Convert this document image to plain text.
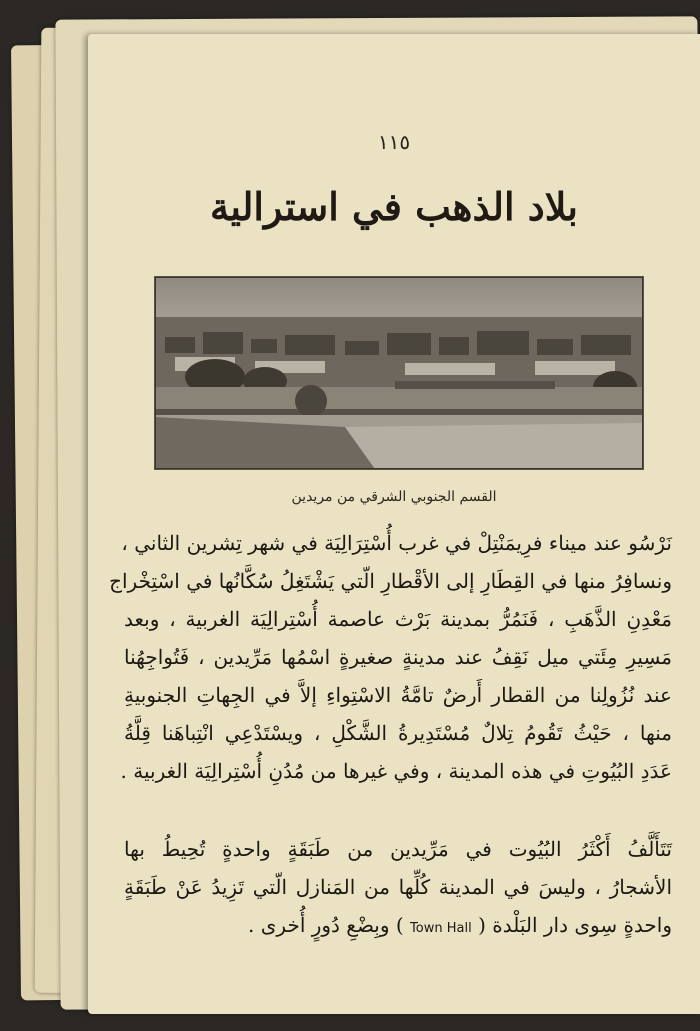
١١٥
بلاد الذهب في استرالية
القسم الجنوبي الشرقي من مريدين
نَرْسُو عند ميناء فرِيمَنْتِلْ في غرب أُسْتِرَالِيَة في شهر تِشرين الثاني ،
ونسافِرُ منها في القِطَارِ إلى الأقْطارِ الّتي يَشْتَغِلُ سُكَّانُها في اسْتِخْراج
مَعْدِنِ الذَّهَبِ ، فَنَمُرُّ بمدينة بَرْث عاصمة أُسْتِرالِيَة الغربية ، وبعد
مَسِيرِ مِئَتي ميل نَقِفُ عند مدينةٍ صغيرةٍ اسْمُها مَرِّيدين ، فَتُواجِهُنا
عند نُزُولِنا من القطار أَرضٌ تامَّةُ الاسْتِواءِ إلاَّ في الجِهاتِ الجنوبيةِ
منها ، حَيْثُ تَقُومُ تِلالٌ مُسْتَدِيرةُ الشَّكْلِ ، ويسْتَدْعِي انْتِباهَنا قِلَّةُ
عَدَدِ البُيُوتِ في هذه المدينة ، وفي غيرها من مُدُنِ أُسْتِرالِيَة الغربية .
تَتَأَلَّفُ أَكْثَرُ البُيُوت في مَرِّيدين من طَبَقَةٍ واحدةٍ تُحِيطُ بها
الأشجارُ ، وليسَ في المدينة كُلِّها من المَنازل الّتي تَزِيدُ عَنْ طَبَقَةٍ
واحدةٍ سِوى دار البَلْدة ( Town Hall ) وبِضْعِ دُورٍ أُخرى .
